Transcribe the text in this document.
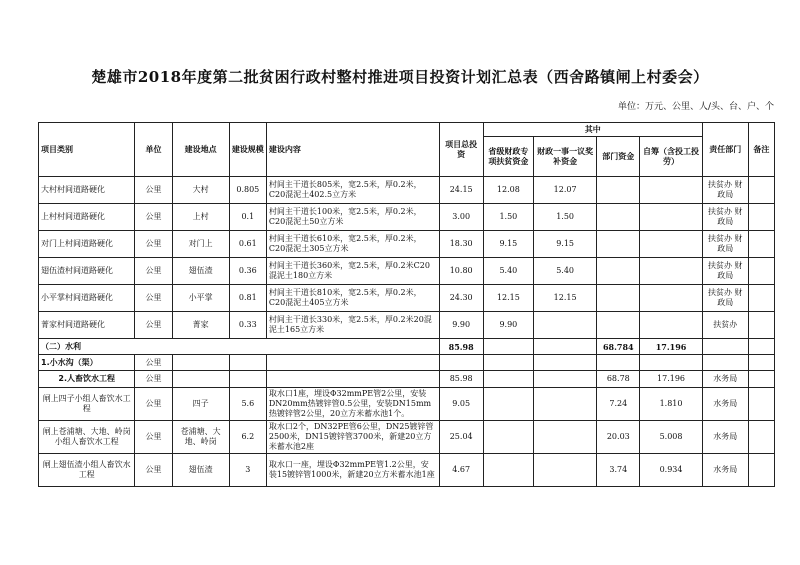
楚雄市2018年度第二批贫困行政村整村推进项目投资计划汇总表（西舍路镇闸上村委会）
单位：万元、公里、人/头、台、户、个
项目类别	单位	建设地点	建设规模	建设内容	项目总投资	其中				责任部门	备注
						省级财政专项扶贫资金	财政一事一议奖补资金	部门资金	自筹（含投工投劳）		
大村村间道路硬化	公里	大村	0.805	村间主干道长805米，宽2.5米，厚0.2米，C20混泥土402.5立方米	24.15	12.08	12.07			扶贫办 财政局	
上村村间道路硬化	公里	上村	0.1	村间主干道长100米，宽2.5米，厚0.2米，C20混泥土50立方米	3.00	1.50	1.50			扶贫办 财政局	
对门上村间道路硬化	公里	对门上	0.61	村间主干道长610米，宽2.5米，厚0.2米，C20混泥土305立方米	18.30	9.15	9.15			扶贫办 财政局	
翅伍渣村间道路硬化	公里	翅伍渣	0.36	村间主干道长360米，宽2.5米，厚0.2米C20混泥土180立方米	10.80	5.40	5.40			扶贫办 财政局	
小平掌村间道路硬化	公里	小平掌	0.81	村间主干道长810米，宽2.5米，厚0.2米，C20混泥土405立方米	24.30	12.15	12.15			扶贫办 财政局	
菁家村间道路硬化	公里	菁家	0.33	村间主干道长330米，宽2.5米，厚0.2米20混泥土165立方米	9.90	9.90				扶贫办	
（二）水利					85.98			68.784	17.196		
1.小水沟（渠）	公里										
2.人畜饮水工程	公里				85.98			68.78	17.196	水务局	
闸上四子小组人畜饮水工程	公里	四子	5.6	取水口1座，埋设Φ32mmPE管2公里，安装DN20mm热镀锌管0.5公里，安装DN15mm热镀锌管2公里，20立方米蓄水池1个。	9.05			7.24	1.810	水务局	
闸上苍浦塘、大地、岭岗小组人畜饮水工程	公里	苍浦塘、大地、岭岗	6.2	取水口2个，DN32PE管6公里，DN25镀锌管2500米，DN15镀锌管3700米，新建20立方米蓄水池2座	25.04			20.03	5.008	水务局	
闸上翅伍渣小组人畜饮水工程	公里	翅伍渣	3	取水口一座，埋设Φ32mmPE管1.2公里，安装15镀锌管1000米，新建20立方米蓄水池1座	4.67			3.74	0.934	水务局	
